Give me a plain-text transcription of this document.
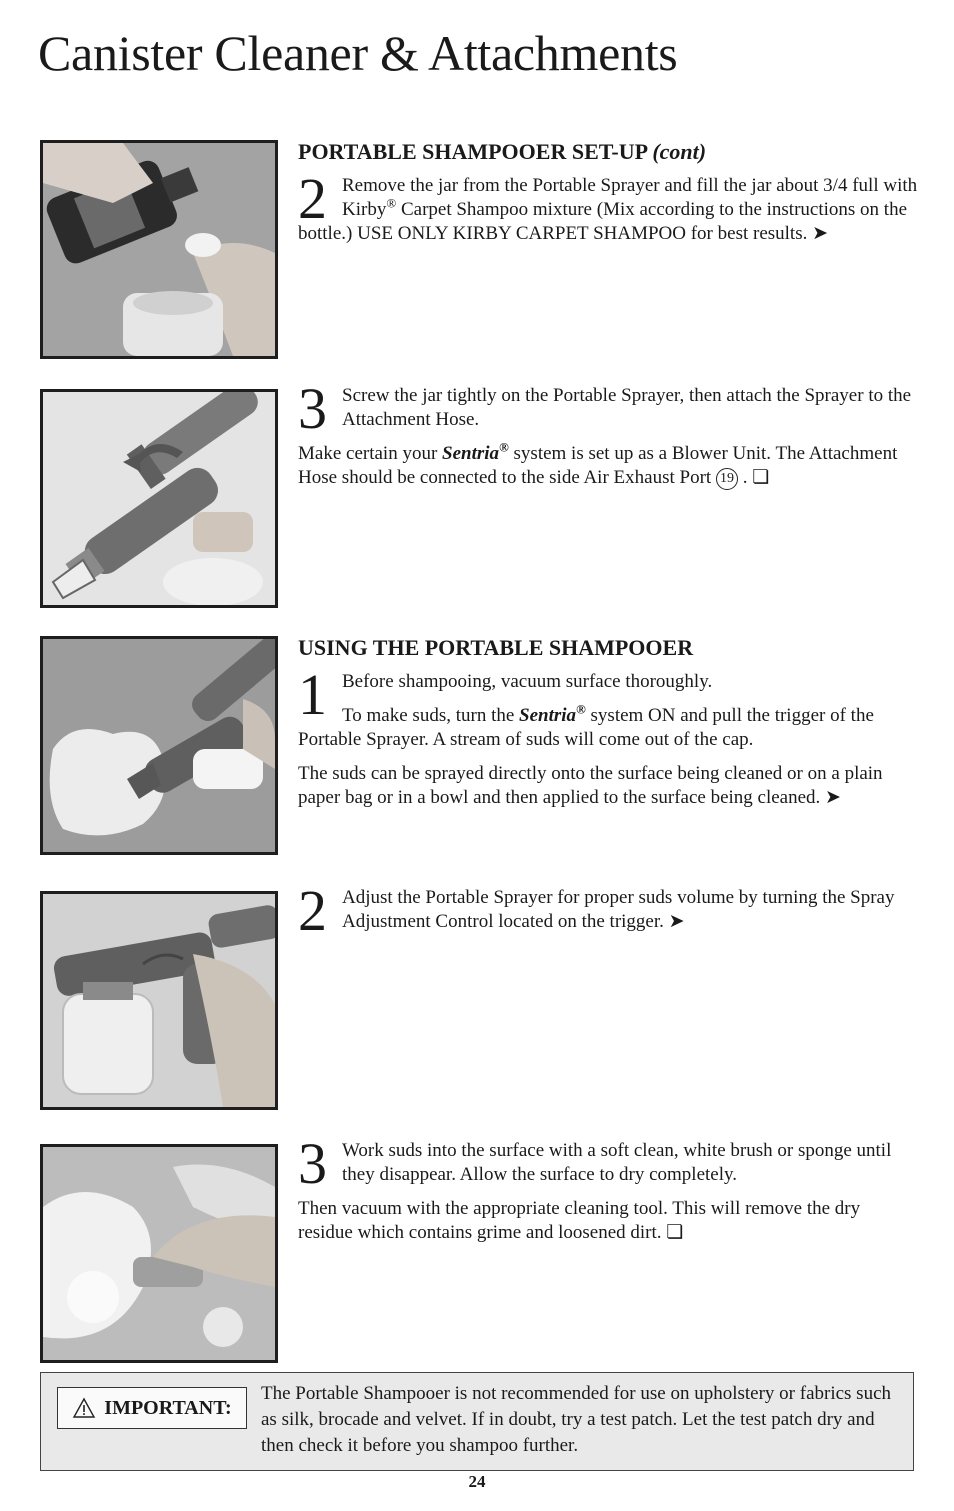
Canister Cleaner & Attachments
PORTABLE SHAMPOOER SET-UP (cont)
2 Remove the jar from the Portable Sprayer and fill the jar about 3/4 full with Kirby® Carpet Shampoo mixture (Mix according to the instructions on the bottle.) USE ONLY KIRBY CARPET SHAMPOO for best results. ➤

3 Screw the jar tightly on the Portable Sprayer, then attach the Sprayer to the Attachment Hose.

Make certain your Sentria® system is set up as a Blower Unit. The Attachment Hose should be connected to the side Air Exhaust Port 19 . ❏

USING THE PORTABLE SHAMPOOER
1 Before shampooing, vacuum surface thoroughly.

To make suds, turn the Sentria® system ON and pull the trigger of the Portable Sprayer. A stream of suds will come out of the cap.

The suds can be sprayed directly onto the surface being cleaned or on a plain paper bag or in a bowl and then applied to the surface being cleaned. ➤

2 Adjust the Portable Sprayer for proper suds volume by turning the Spray Adjustment Control located on the trigger. ➤

3 Work suds into the surface with a soft clean, white brush or sponge until they disappear. Allow the surface to dry completely.

Then vacuum with the appropriate cleaning tool. This will remove the dry residue which contains grime and loosened dirt. ❏

IMPORTANT:

The Portable Shampooer is not recommended for use on upholstery or fabrics such as silk, brocade and velvet. If in doubt, try a test patch. Let the test patch dry and then check it before you shampoo further.

24
